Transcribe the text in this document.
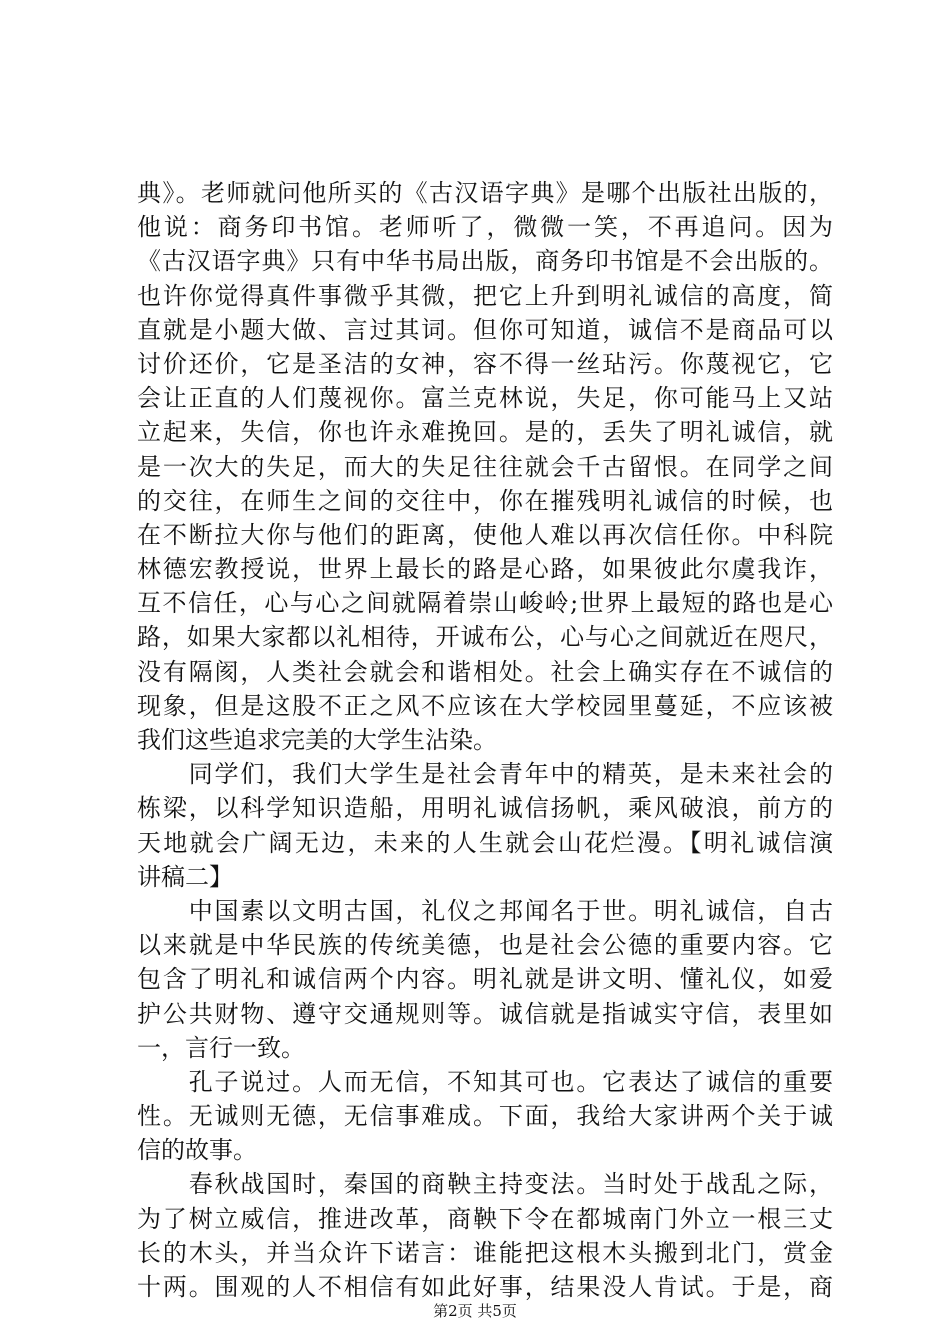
典》。老师就问他所买的《古汉语字典》是哪个出版社出版的，
他说：商务印书馆。老师听了，微微一笑，不再追问。因为
《古汉语字典》只有中华书局出版，商务印书馆是不会出版的。
也许你觉得真件事微乎其微，把它上升到明礼诚信的高度，简
直就是小题大做、言过其词。但你可知道，诚信不是商品可以
讨价还价，它是圣洁的女神，容不得一丝玷污。你蔑视它，它
会让正直的人们蔑视你。富兰克林说，失足，你可能马上又站
立起来，失信，你也许永难挽回。是的，丢失了明礼诚信，就
是一次大的失足，而大的失足往往就会千古留恨。在同学之间
的交往，在师生之间的交往中，你在摧残明礼诚信的时候，也
在不断拉大你与他们的距离，使他人难以再次信任你。中科院
林德宏教授说，世界上最长的路是心路，如果彼此尔虞我诈，
互不信任，心与心之间就隔着崇山峻岭;世界上最短的路也是心
路，如果大家都以礼相待，开诚布公，心与心之间就近在咫尺，
没有隔阂，人类社会就会和谐相处。社会上确实存在不诚信的
现象，但是这股不正之风不应该在大学校园里蔓延，不应该被
我们这些追求完美的大学生沾染。
　　同学们，我们大学生是社会青年中的精英，是未来社会的
栋梁，以科学知识造船，用明礼诚信扬帆，乘风破浪，前方的
天地就会广阔无边，未来的人生就会山花烂漫。【明礼诚信演
讲稿二】
　　中国素以文明古国，礼仪之邦闻名于世。明礼诚信，自古
以来就是中华民族的传统美德，也是社会公德的重要内容。它
包含了明礼和诚信两个内容。明礼就是讲文明、懂礼仪，如爱
护公共财物、遵守交通规则等。诚信就是指诚实守信，表里如
一，言行一致。
　　孔子说过。人而无信，不知其可也。它表达了诚信的重要
性。无诚则无德，无信事难成。下面，我给大家讲两个关于诚
信的故事。
　　春秋战国时，秦国的商鞅主持变法。当时处于战乱之际，
为了树立威信，推进改革，商鞅下令在都城南门外立一根三丈
长的木头，并当众许下诺言：谁能把这根木头搬到北门，赏金
十两。围观的人不相信有如此好事，结果没人肯试。于是，商
第2页 共5页
